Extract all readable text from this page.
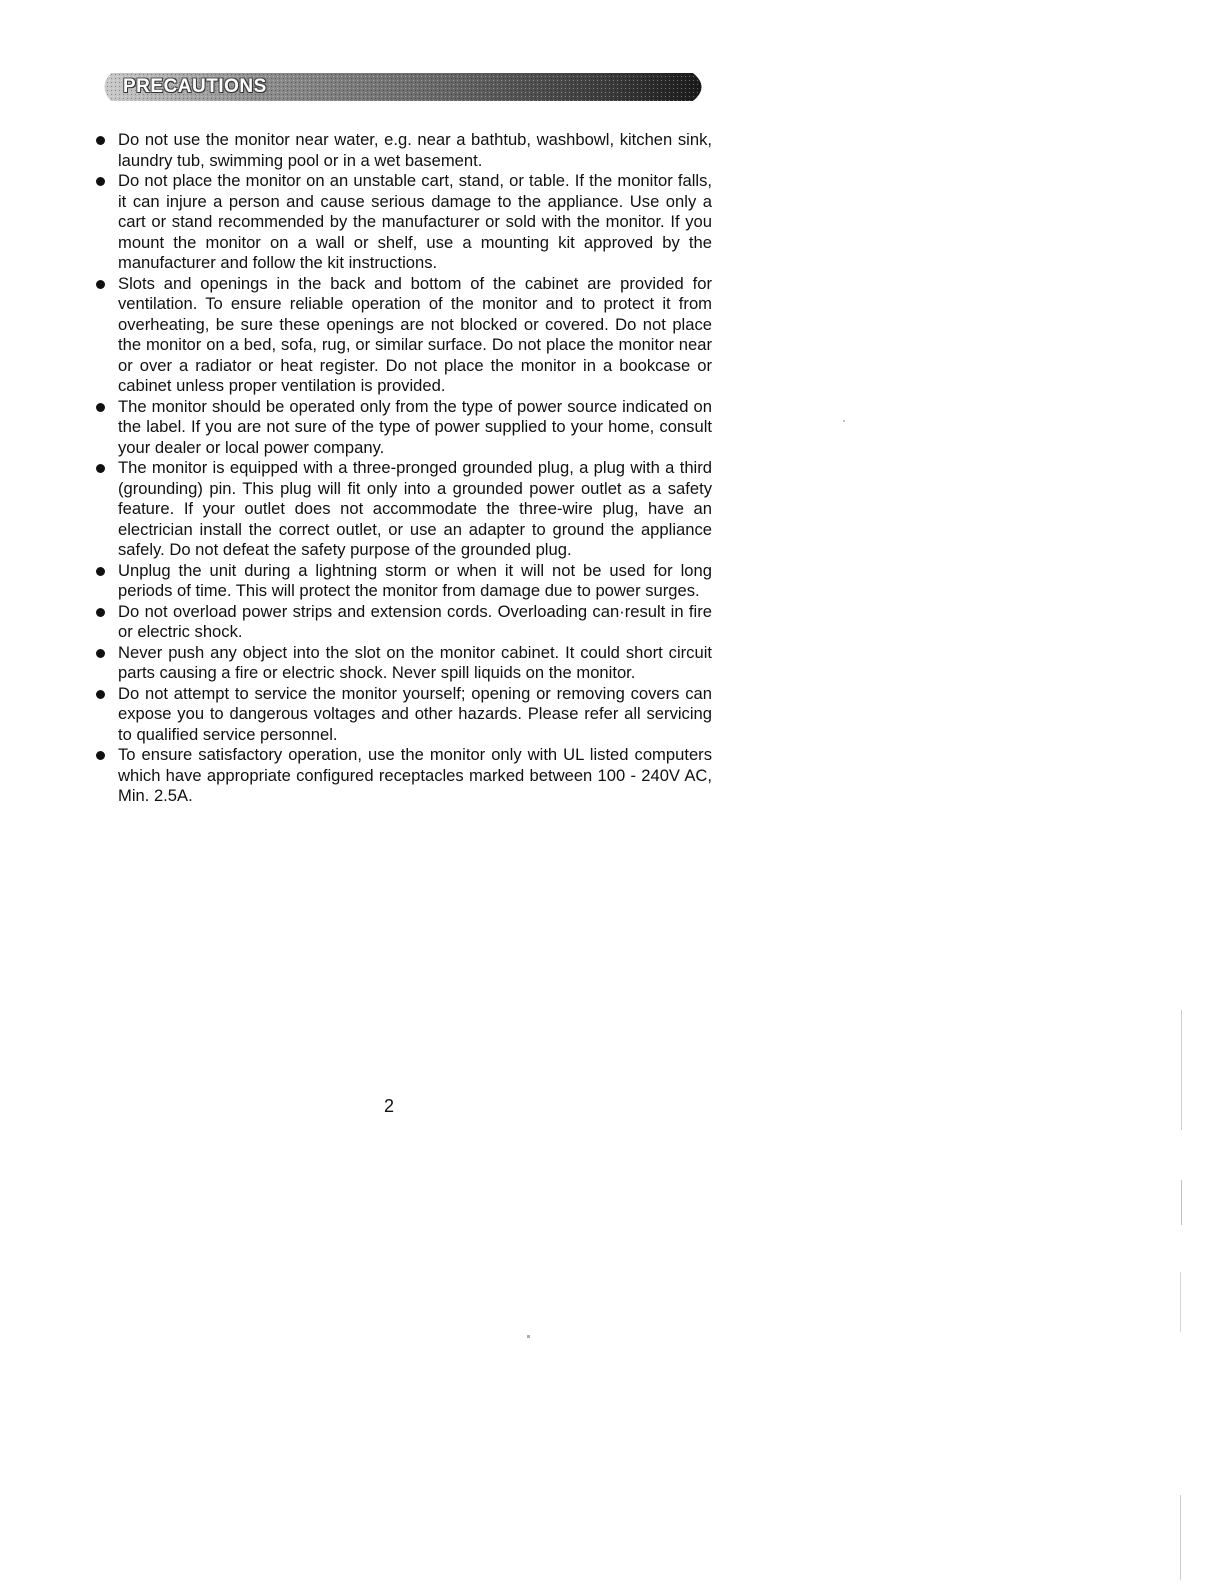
PRECAUTIONS
Do not use the monitor near water, e.g. near a bathtub, washbowl, kitchen sink, laundry tub, swimming pool or in a wet basement.
Do not place the monitor on an unstable cart, stand, or table. If the monitor falls, it can injure a person and cause serious damage to the appliance. Use only a cart or stand recommended by the manufacturer or sold with the monitor. If you mount the monitor on a wall or shelf, use a mounting kit approved by the manufacturer and follow the kit instructions.
Slots and openings in the back and bottom of the cabinet are provided for ventilation. To ensure reliable operation of the monitor and to protect it from overheating, be sure these openings are not blocked or covered. Do not place the monitor on a bed, sofa, rug, or similar surface. Do not place the monitor near or over a radiator or heat register. Do not place the monitor in a bookcase or cabinet unless proper ventilation is provided.
The monitor should be operated only from the type of power source indicated on the label. If you are not sure of the type of power supplied to your home, consult your dealer or local power company.
The monitor is equipped with a three-pronged grounded plug, a plug with a third (grounding) pin. This plug will fit only into a grounded power outlet as a safety feature. If your outlet does not accommodate the three-wire plug, have an electrician install the correct outlet, or use an adapter to ground the appliance safely. Do not defeat the safety purpose of the grounded plug.
Unplug the unit during a lightning storm or when it will not be used for long periods of time. This will protect the monitor from damage due to power surges.
Do not overload power strips and extension cords. Overloading can·result in fire or electric shock.
Never push any object into the slot on the monitor cabinet. It could short circuit parts causing a fire or electric shock. Never spill liquids on the monitor.
Do not attempt to service the monitor yourself; opening or removing covers can expose you to dangerous voltages and other hazards. Please refer all servicing to qualified service personnel.
To ensure satisfactory operation, use the monitor only with UL listed computers which have appropriate configured receptacles marked between 100 - 240V AC, Min. 2.5A.
2
